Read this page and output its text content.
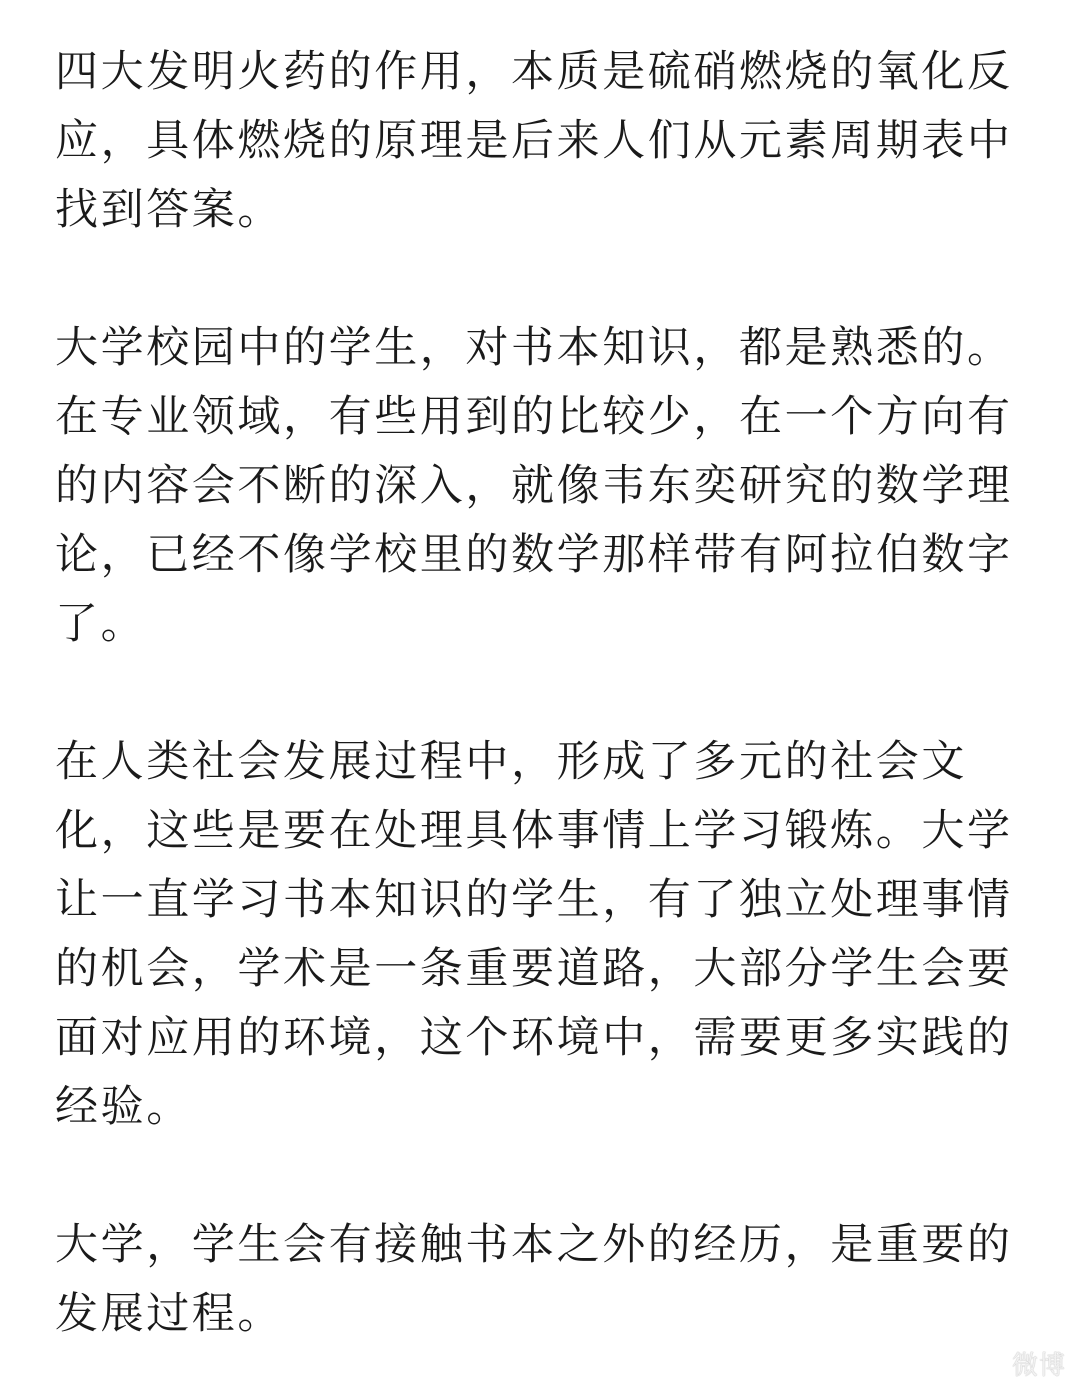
四大发明火药的作用，本质是硫硝燃烧的氧化反
应，具体燃烧的原理是后来人们从元素周期表中
找到答案。

大学校园中的学生，对书本知识，都是熟悉的。
在专业领域，有些用到的比较少，在一个方向有
的内容会不断的深入，就像韦东奕研究的数学理
论，已经不像学校里的数学那样带有阿拉伯数字
了。

在人类社会发展过程中，形成了多元的社会文
化，这些是要在处理具体事情上学习锻炼。大学
让一直学习书本知识的学生，有了独立处理事情
的机会，学术是一条重要道路，大部分学生会要
面对应用的环境，这个环境中，需要更多实践的
经验。

大学，学生会有接触书本之外的经历，是重要的
发展过程。

微博
